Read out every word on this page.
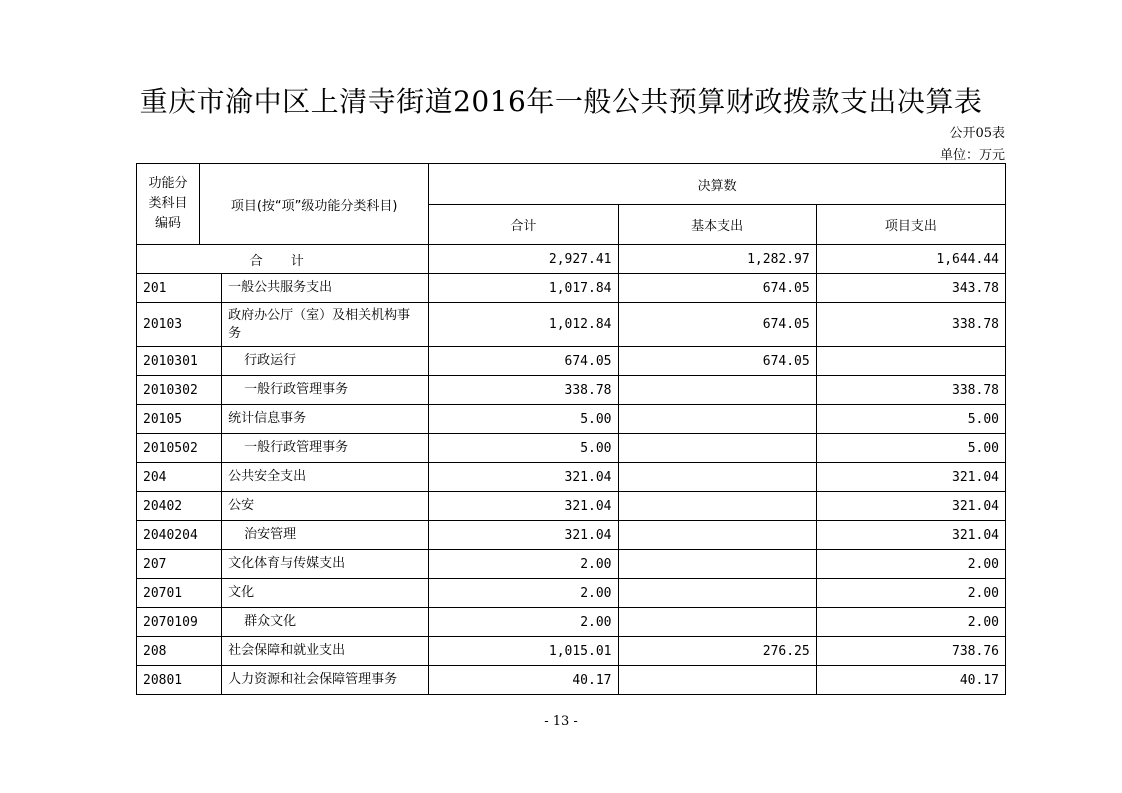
重庆市渝中区上清寺街道2016年一般公共预算财政拨款支出决算表
公开05表
单位：万元
功能分类科目编码	项目(按“项”级功能分类科目)		决算数		
			合计	基本支出	项目支出
合 计			2,927.41	1,282.97	1,644.44
201		一般公共服务支出	1,017.84	674.05	343.78
20103		政府办公厅（室）及相关机构事务	1,012.84	674.05	338.78
2010301		行政运行	674.05	674.05	
2010302		一般行政管理事务	338.78		338.78
20105		统计信息事务	5.00		5.00
2010502		一般行政管理事务	5.00		5.00
204		公共安全支出	321.04		321.04
20402		公安	321.04		321.04
2040204		治安管理	321.04		321.04
207		文化体育与传媒支出	2.00		2.00
20701		文化	2.00		2.00
2070109		群众文化	2.00		2.00
208		社会保障和就业支出	1,015.01	276.25	738.76
20801		人力资源和社会保障管理事务	40.17		40.17
- 13 -
